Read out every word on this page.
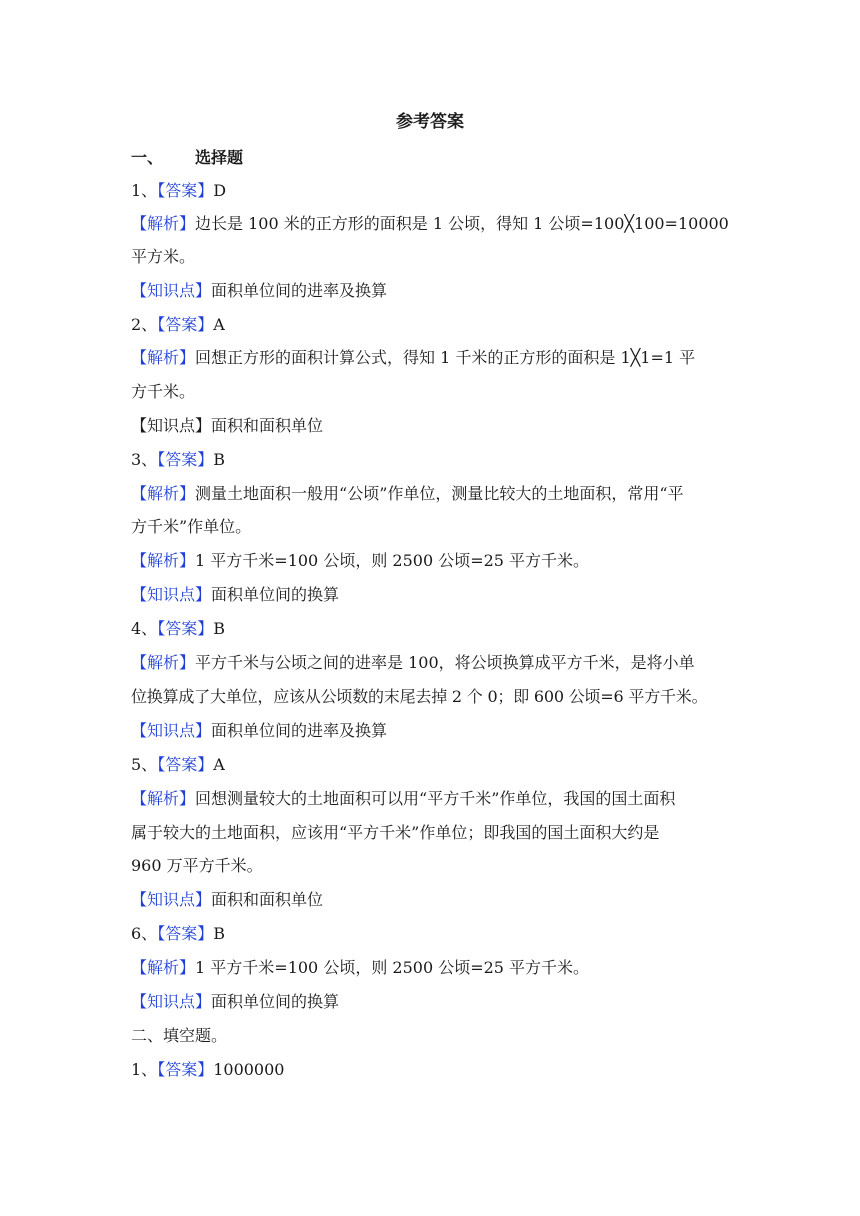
参考答案
一、 选择题
1、【答案】D
【解析】边长是 100 米的正方形的面积是 1 公顷，得知 1 公顷=100╳100=10000
平方米。
【知识点】面积单位间的进率及换算
2、【答案】A
【解析】回想正方形的面积计算公式，得知 1 千米的正方形的面积是 1╳1=1 平
方千米。
【知识点】面积和面积单位
3、【答案】B
【解析】测量土地面积一般用“公顷”作单位，测量比较大的土地面积，常用“平
方千米”作单位。
【解析】1 平方千米=100 公顷，则 2500 公顷=25 平方千米。
【知识点】面积单位间的换算
4、【答案】B
【解析】平方千米与公顷之间的进率是 100，将公顷换算成平方千米，是将小单
位换算成了大单位，应该从公顷数的末尾去掉 2 个 0；即 600 公顷=6 平方千米。
【知识点】面积单位间的进率及换算
5、【答案】A
【解析】回想测量较大的土地面积可以用“平方千米”作单位，我国的国土面积
属于较大的土地面积，应该用“平方千米”作单位；即我国的国土面积大约是
960 万平方千米。
【知识点】面积和面积单位
6、【答案】B
【解析】1 平方千米=100 公顷，则 2500 公顷=25 平方千米。
【知识点】面积单位间的换算
二、填空题。
1、【答案】1000000
